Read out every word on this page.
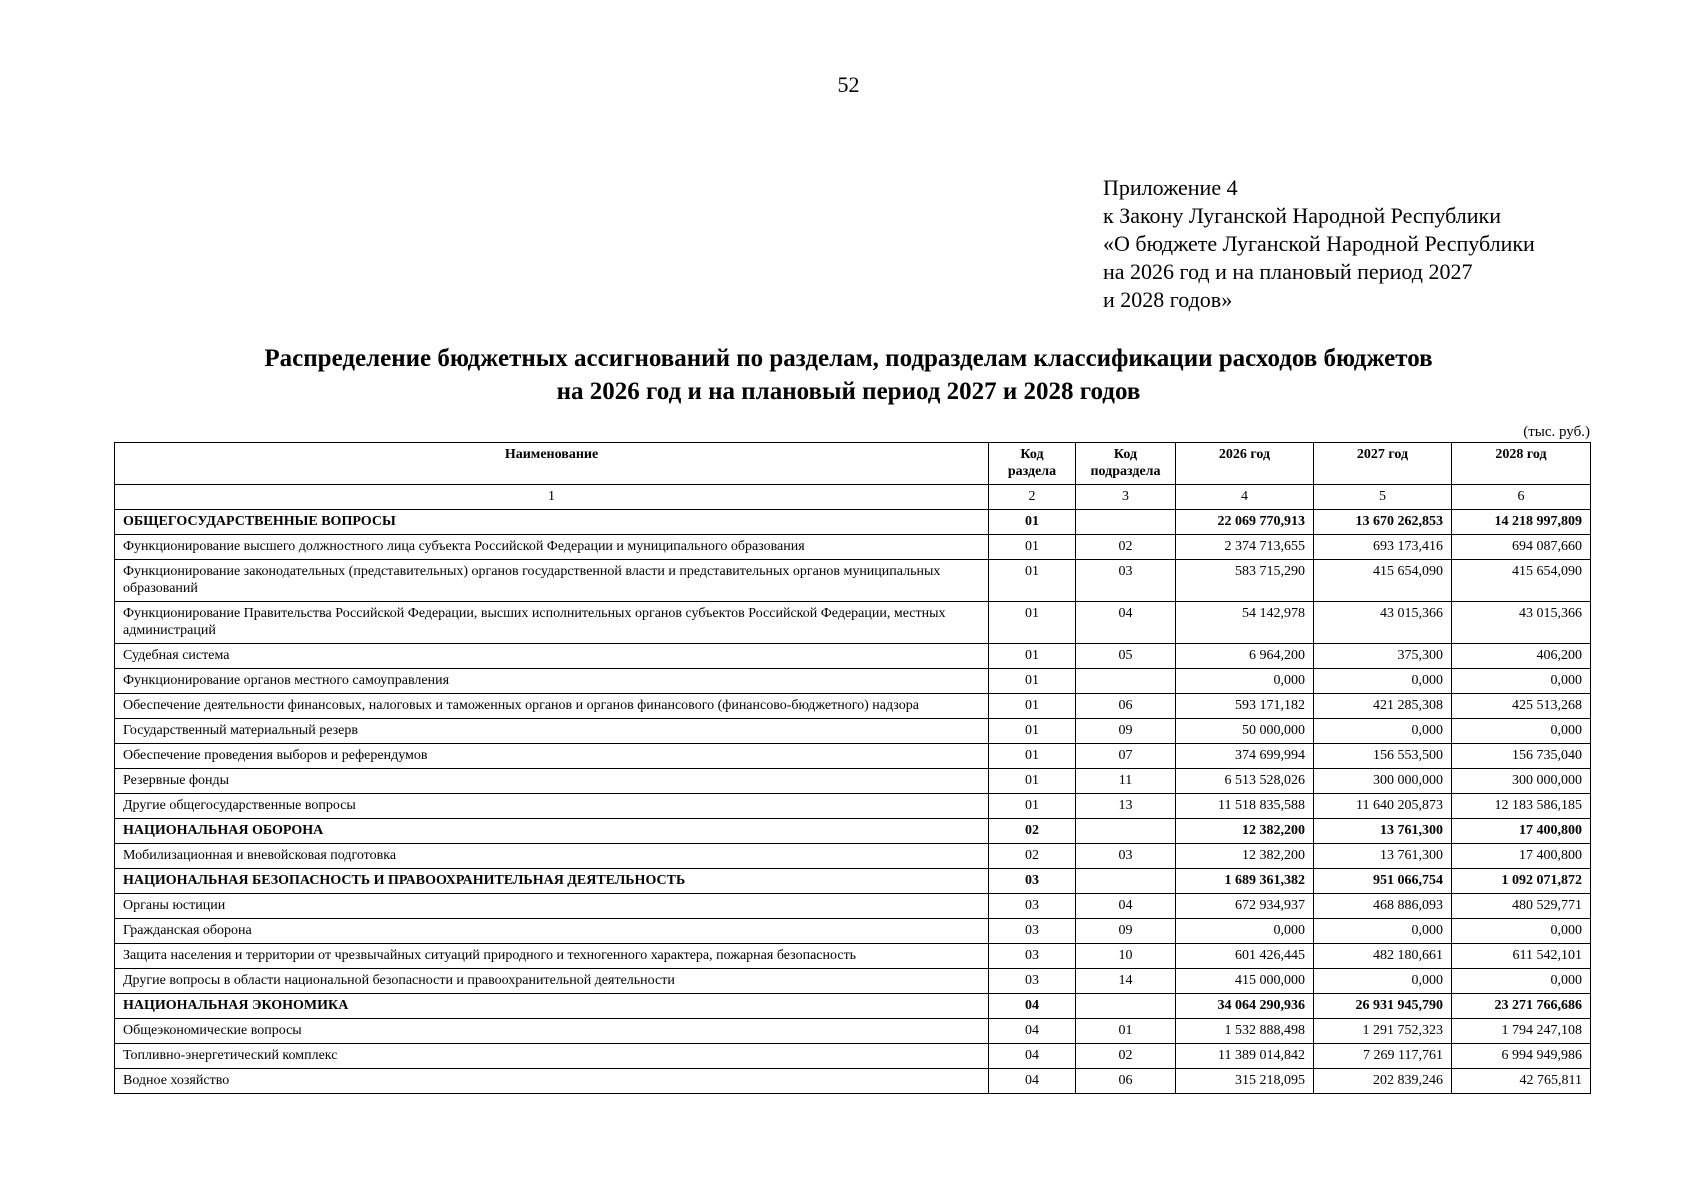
52
Приложение 4
к Закону Луганской Народной Республики
«О бюджете Луганской Народной Республики
на 2026 год и на плановый период 2027
и 2028 годов»
Распределение бюджетных ассигнований по разделам, подразделам классификации расходов бюджетов
на 2026 год и на плановый период 2027 и 2028 годов
(тыс. руб.)
Наименование	Код раздела	Код подраздела	2026 год	2027 год	2028 год
1	2	3	4	5	6
ОБЩЕГОСУДАРСТВЕННЫЕ ВОПРОСЫ	01		22 069 770,913	13 670 262,853	14 218 997,809
Функционирование высшего должностного лица субъекта Российской Федерации и муниципального образования	01	02	2 374 713,655	693 173,416	694 087,660
Функционирование законодательных (представительных) органов государственной власти и представительных органов муниципальных образований	01	03	583 715,290	415 654,090	415 654,090
Функционирование Правительства Российской Федерации, высших исполнительных органов субъектов Российской Федерации, местных администраций	01	04	54 142,978	43 015,366	43 015,366
Судебная система	01	05	6 964,200	375,300	406,200
Функционирование органов местного самоуправления	01		0,000	0,000	0,000
Обеспечение деятельности финансовых, налоговых и таможенных органов и органов финансового (финансово-бюджетного) надзора	01	06	593 171,182	421 285,308	425 513,268
Государственный материальный резерв	01	09	50 000,000	0,000	0,000
Обеспечение проведения выборов и референдумов	01	07	374 699,994	156 553,500	156 735,040
Резервные фонды	01	11	6 513 528,026	300 000,000	300 000,000
Другие общегосударственные вопросы	01	13	11 518 835,588	11 640 205,873	12 183 586,185
НАЦИОНАЛЬНАЯ ОБОРОНА	02		12 382,200	13 761,300	17 400,800
Мобилизационная и вневойсковая подготовка	02	03	12 382,200	13 761,300	17 400,800
НАЦИОНАЛЬНАЯ БЕЗОПАСНОСТЬ И ПРАВООХРАНИТЕЛЬНАЯ ДЕЯТЕЛЬНОСТЬ	03		1 689 361,382	951 066,754	1 092 071,872
Органы юстиции	03	04	672 934,937	468 886,093	480 529,771
Гражданская оборона	03	09	0,000	0,000	0,000
Защита населения и территории от чрезвычайных ситуаций природного и техногенного характера, пожарная безопасность	03	10	601 426,445	482 180,661	611 542,101
Другие вопросы в области национальной безопасности и правоохранительной деятельности	03	14	415 000,000	0,000	0,000
НАЦИОНАЛЬНАЯ ЭКОНОМИКА	04		34 064 290,936	26 931 945,790	23 271 766,686
Общеэкономические вопросы	04	01	1 532 888,498	1 291 752,323	1 794 247,108
Топливно-энергетический комплекс	04	02	11 389 014,842	7 269 117,761	6 994 949,986
Водное хозяйство	04	06	315 218,095	202 839,246	42 765,811
